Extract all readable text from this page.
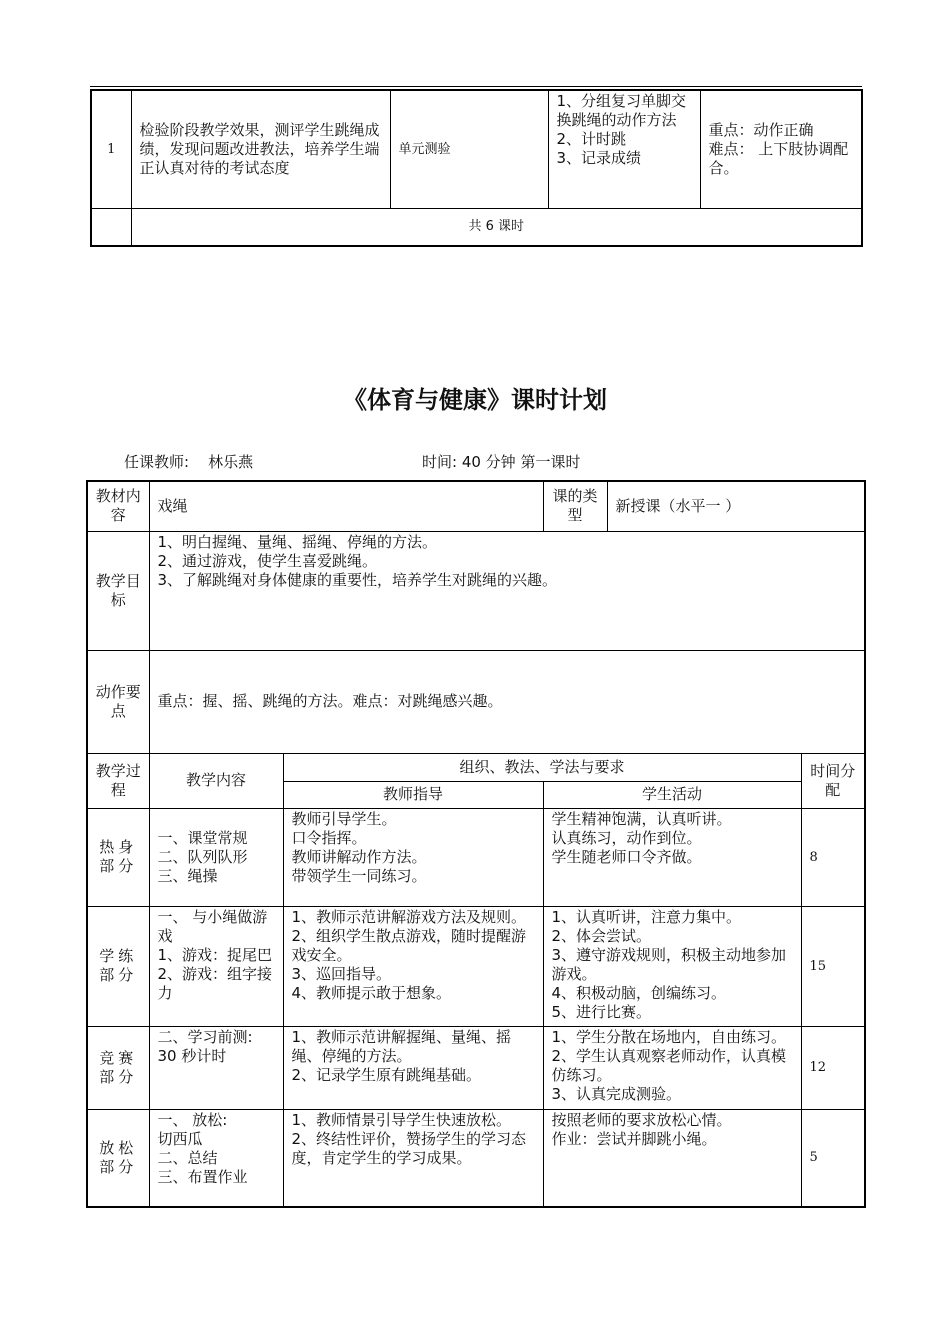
1	检验阶段教学效果，测评学生跳绳成绩，发现问题改进教法，培养学生端正认真对待的考试态度	单元测验	1、分组复习单脚交换跳绳的动作方法
2、计时跳
3、记录成绩	重点：动作正确
难点： 上下肢协调配合。

	共 6 课时			
《体育与健康》课时计划
任课教师: 林乐燕	时间: 40 分钟 第一课时
教材内容	戏绳		课的类型	新授课（水平一 ）	
教学目标	1、明白握绳、量绳、摇绳、停绳的方法。
2、通过游戏，使学生喜爱跳绳。
3、了解跳绳对身体健康的重要性，培养学生对跳绳的兴趣。				

动作要点	重点：握、摇、跳绳的方法。难点：对跳绳感兴趣。				
教学过程	教学内容	组织、教法、学法与要求			时间分配
		教师指导	学生活动		
热身部分	一、课堂常规
二、队列队形
三、绳操	教师引导学生。
口令指挥。
教师讲解动作方法。
带领学生一同练习。	学生精神饱满，认真听讲。
认真练习，动作到位。
学生随老师口令齐做。		8
学练部分	一、 与小绳做游戏
1、游戏：捉尾巴
2、游戏：组字接力	1、教师示范讲解游戏方法及规则。
2、组织学生散点游戏，随时提醒游戏安全。
3、巡回指导。
4、教师提示敢于想象。	1、认真听讲，注意力集中。
2、体会尝试。
3、遵守游戏规则，积极主动地参加游戏。
4、积极动脑，创编练习。
5、进行比赛。		15
竞赛部分	二、学习前测:
30 秒计时	1、教师示范讲解握绳、量绳、摇绳、停绳的方法。
2、记录学生原有跳绳基础。	1、学生分散在场地内，自由练习。2、学生认真观察老师动作，认真模仿练习。
3、认真完成测验。		12
放松部分	一、 放松:
切西瓜
二、总结
三、布置作业	1、教师情景引导学生快速放松。
2、终结性评价，赞扬学生的学习态度，肯定学生的学习成果。	按照老师的要求放松心情。
作业：尝试并脚跳小绳。		5
